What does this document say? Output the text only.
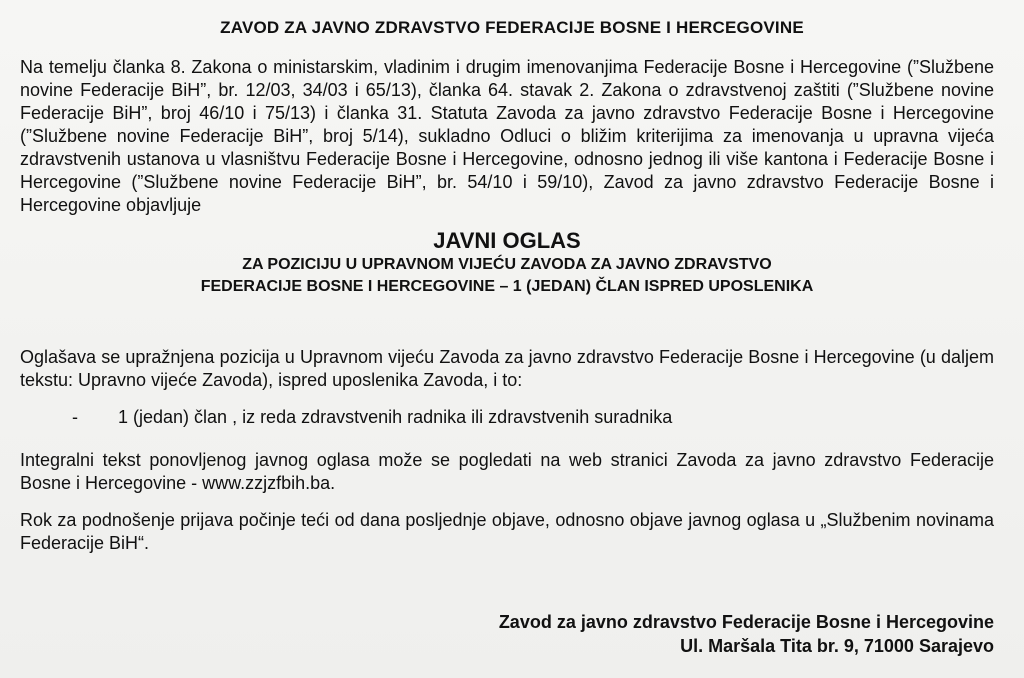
ZAVOD ZA JAVNO ZDRAVSTVO FEDERACIJE BOSNE I HERCEGOVINE

Na temelju članka 8. Zakona o ministarskim, vladinim i drugim imenovanjima Federacije Bosne i Hercegovine (”Službene novine Federacije BiH”, br. 12/03, 34/03 i 65/13), članka 64. stavak 2. Zakona o zdravstvenoj zaštiti (”Službene novine Federacije BiH”, broj 46/10 i 75/13) i članka 31. Statuta Zavoda za javno zdravstvo Federacije Bosne i Hercegovine (”Službene novine Federacije BiH”, broj 5/14), sukladno Odluci o bližim kriterijima za imenovanja u upravna vijeća zdravstvenih ustanova u vlasništvu Federacije Bosne i Hercegovine, odnosno jednog ili više kantona i Federacije Bosne i Hercegovine (”Službene novine Federacije BiH”, br. 54/10 i 59/10), Zavod za javno zdravstvo Federacije Bosne i Hercegovine objavljuje

JAVNI OGLAS
ZA POZICIJU U UPRAVNOM VIJEĆU ZAVODA ZA JAVNO ZDRAVSTVO
FEDERACIJE BOSNE I HERCEGOVINE – 1 (JEDAN) ČLAN ISPRED UPOSLENIKA

Oglašava se upražnjena pozicija u Upravnom vijeću Zavoda za javno zdravstvo Federacije Bosne i Hercegovine (u daljem tekstu: Upravno vijeće Zavoda), ispred uposlenika Zavoda, i to:

-	1 (jedan) član , iz reda zdravstvenih radnika ili zdravstvenih suradnika

Integralni tekst ponovljenog javnog oglasa može se pogledati na web stranici Zavoda za javno zdravstvo Federacije Bosne i Hercegovine - www.zzjzfbih.ba.

Rok za podnošenje prijava počinje teći od dana posljednje objave, odnosno objave javnog oglasa u „Službenim novinama Federacije BiH“.

Zavod za javno zdravstvo Federacije Bosne i Hercegovine
Ul. Maršala Tita br. 9, 71000 Sarajevo
